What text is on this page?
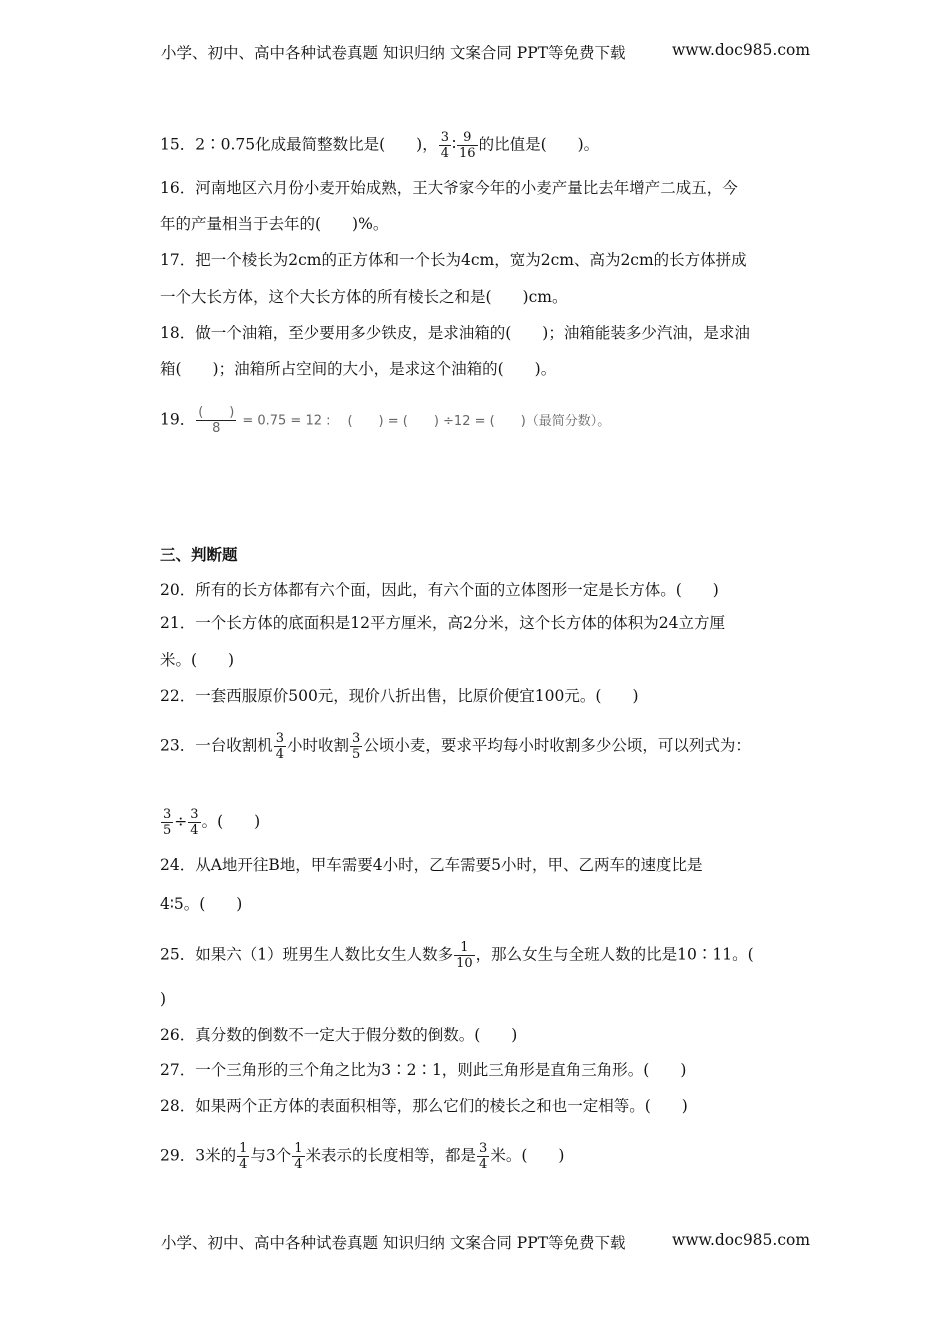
小学、初中、高中各种试卷真题 知识归纳 文案合同 PPT等免费下载	www.doc985.com
15．2∶0.75化成最简整数比是(　　)， $\frac{3}{4}$ ∶ $\frac{9}{16}$ 的比值是(　　)。
16．河南地区六月份小麦开始成熟，王大爷家今年的小麦产量比去年增产二成五，今
年的产量相当于去年的(　　)%。
17．把一个棱长为2cm的正方体和一个长为4cm，宽为2cm、高为2cm的长方体拼成
一个大长方体，这个大长方体的所有棱长之和是(　　)cm。
18．做一个油箱，至少要用多少铁皮，是求油箱的(　　)；油箱能装多少汽油，是求油
箱(　　)；油箱所占空间的大小，是求这个油箱的(　　)。
19． (　　)
8	= 0.75 = 12 : (　　) = (　　) ÷12 = (　　)（最简分数）。
三、判断题
20．所有的长方体都有六个面，因此，有六个面的立体图形一定是长方体。(　　)
21．一个长方体的底面积是12平方厘米，高2分米，这个长方体的体积为24立方厘
米。(　　)
22．一套西服原价500元，现价八折出售，比原价便宜100元。(　　)
23．一台收割机 $\frac{3}{4}$ 小时收割 $\frac{3}{5}$ 公顷小麦，要求平均每小时收割多少公顷，可以列式为：
$\frac{3}{5} \div \frac{3}{4}$ 。(　　)
24．从A地开往B地，甲车需要4小时，乙车需要5小时，甲、乙两车的速度比是
4∶5。(　　)
25．如果六（1）班男生人数比女生人数多 $\frac{1}{10}$ ，那么女生与全班人数的比是10∶11。(
)
26．真分数的倒数不一定大于假分数的倒数。(　　)
27．一个三角形的三个角之比为3∶2∶1，则此三角形是直角三角形。(　　)
28．如果两个正方体的表面积相等，那么它们的棱长之和也一定相等。(　　)
29．3米的 $\frac{1}{4}$ 与3个 $\frac{1}{4}$ 米表示的长度相等，都是 $\frac{3}{4}$ 米。(　　)
小学、初中、高中各种试卷真题 知识归纳 文案合同 PPT等免费下载	www.doc985.com
